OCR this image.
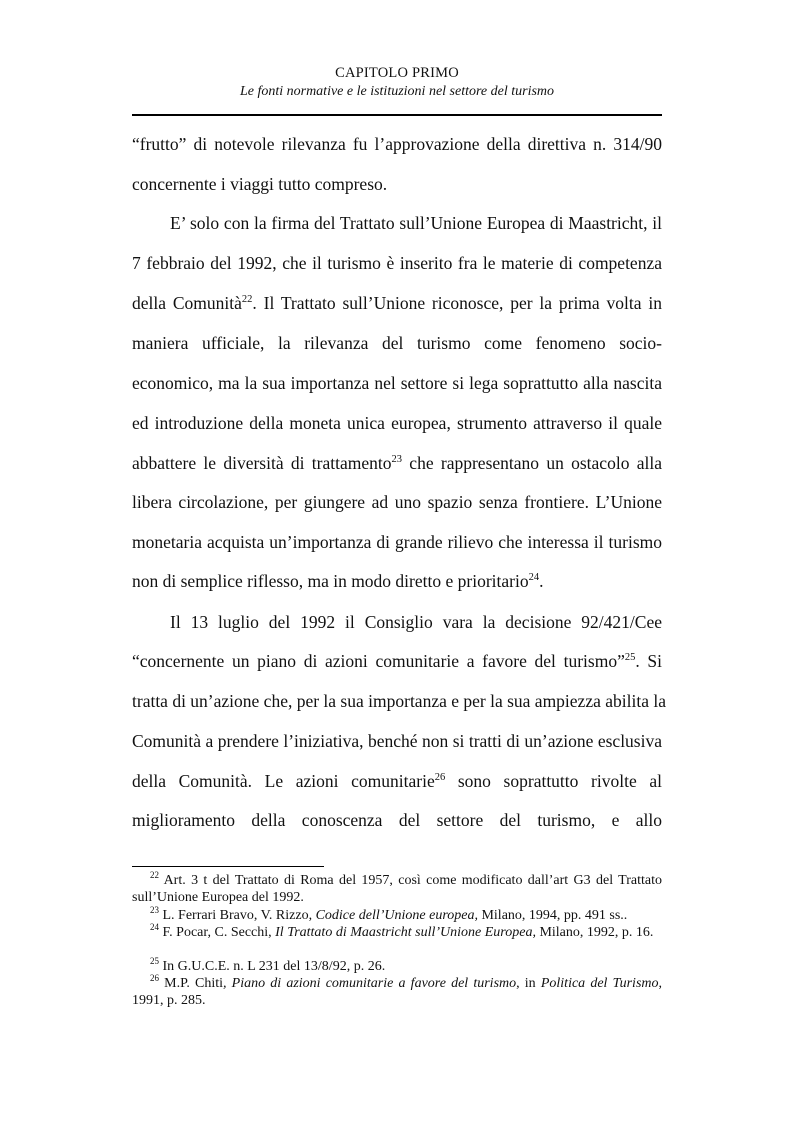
CAPITOLO PRIMO
Le fonti normative e le istituzioni nel settore del turismo
“frutto” di notevole rilevanza fu l’approvazione della direttiva n. 314/90
concernente i viaggi tutto compreso.
E’ solo con la firma del Trattato sull’Unione Europea di Maastricht, il
7 febbraio del 1992, che il turismo è inserito fra le materie di competenza
della Comunità$^{22}$. Il Trattato sull’Unione riconosce, per la prima volta in
maniera ufficiale, la rilevanza del turismo come fenomeno socio-
economico, ma la sua importanza nel settore si lega soprattutto alla nascita
ed introduzione della moneta unica europea, strumento attraverso il quale
abbattere le diversità di trattamento$^{23}$ che rappresentano un ostacolo alla
libera circolazione, per giungere ad uno spazio senza frontiere. L’Unione
monetaria acquista un’importanza di grande rilievo che interessa il turismo
non di semplice riflesso, ma in modo diretto e prioritario$^{24}$.
Il 13 luglio del 1992 il Consiglio vara la decisione 92/421/Cee
“concernente un piano di azioni comunitarie a favore del turismo”$^{25}$. Si
tratta di un’azione che, per la sua importanza e per la sua ampiezza abilita la
Comunità a prendere l’iniziativa, benché non si tratti di un’azione esclusiva
della Comunità. Le azioni comunitarie$^{26}$ sono soprattutto rivolte al
miglioramento della conoscenza del settore del turismo, e allo
$^{22}$ Art. 3 t del Trattato di Roma del 1957, così come modificato dall’art G3 del Trattato sull’Unione Europea del 1992.
$^{23}$ L. Ferrari Bravo, V. Rizzo, Codice dell’Unione europea, Milano, 1994, pp. 491 ss..
$^{24}$ F. Pocar, C. Secchi, Il Trattato di Maastricht sull’Unione Europea, Milano, 1992, p. 16.
$^{25}$ In G.U.C.E. n. L 231 del 13/8/92, p. 26.
$^{26}$ M.P. Chiti, Piano di azioni comunitarie a favore del turismo, in Politica del Turismo, 1991, p. 285.
